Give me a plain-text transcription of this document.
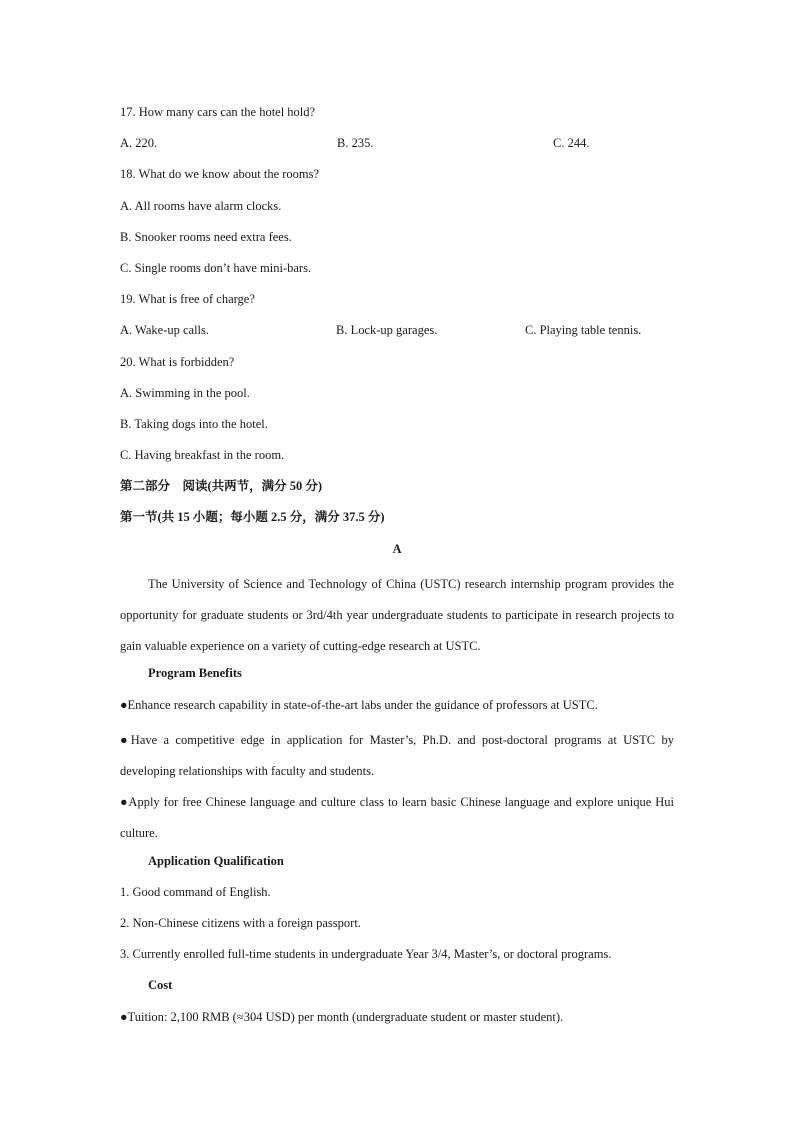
17. How many cars can the hotel hold?
A. 220.	B. 235.	C. 244.
18. What do we know about the rooms?
A. All rooms have alarm clocks.
B. Snooker rooms need extra fees.
C. Single rooms don’t have mini-bars.
19. What is free of charge?
A. Wake-up calls.	B. Lock-up garages.	C. Playing table tennis.
20. What is forbidden?
A. Swimming in the pool.
B. Taking dogs into the hotel.
C. Having breakfast in the room.
第二部分　阅读(共两节，满分 50 分)
第一节(共 15 小题；每小题 2.5 分，满分 37.5 分)
A
The University of Science and Technology of China (USTC) research internship program provides the opportunity for graduate students or 3rd/4th year undergraduate students to participate in research projects to gain valuable experience on a variety of cutting-edge research at USTC.
Program Benefits
●Enhance research capability in state-of-the-art labs under the guidance of professors at USTC.
●Have a competitive edge in application for Master’s, Ph.D. and post-doctoral programs at USTC by developing relationships with faculty and students.
●Apply for free Chinese language and culture class to learn basic Chinese language and explore unique Hui culture.
Application Qualification
1. Good command of English.
2. Non-Chinese citizens with a foreign passport.
3. Currently enrolled full-time students in undergraduate Year 3/4, Master’s, or doctoral programs.
Cost
●Tuition: 2,100 RMB (≈304 USD) per month (undergraduate student or master student).
